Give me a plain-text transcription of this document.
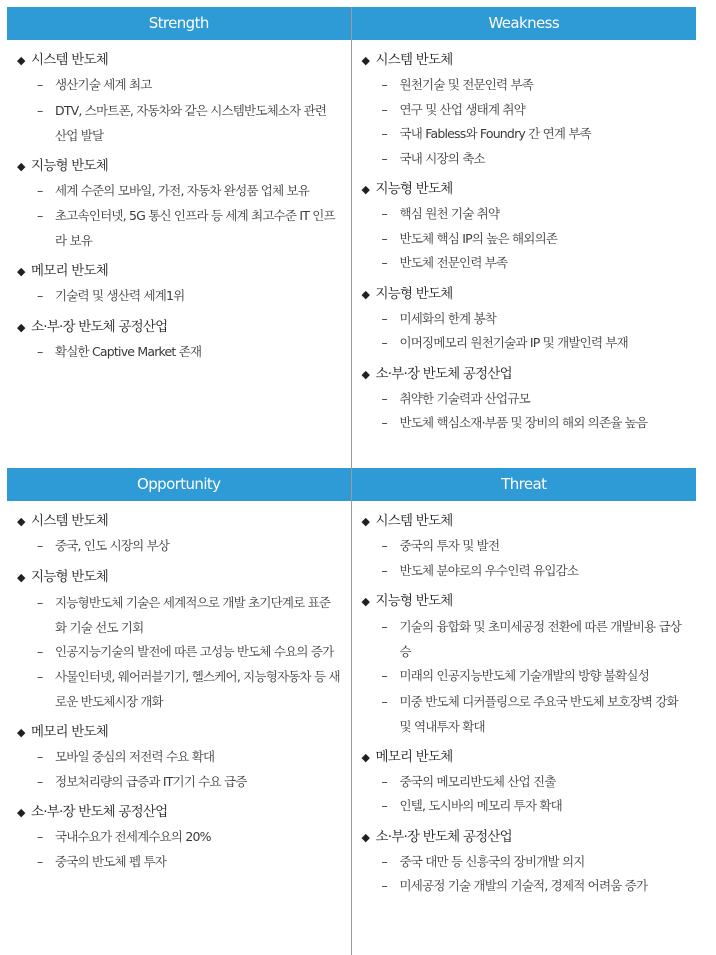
Strength
◆ 시스템 반도체
– 생산기술 세계 최고
– DTV, 스마트폰, 자동차와 같은 시스템반도체소자 관련 산업 발달
◆ 지능형 반도체
– 세계 수준의 모바일, 가전, 자동차 완성품 업체 보유
– 초고속인터넷, 5G 통신 인프라 등 세계 최고수준 IT 인프라 보유
◆ 메모리 반도체
– 기술력 및 생산력 세계1위
◆ 소·부·장 반도체 공정산업
– 확실한 Captive Market 존재
Weakness
◆ 시스템 반도체
– 원천기술 및 전문인력 부족
– 연구 및 산업 생태계 취약
– 국내 Fabless와 Foundry 간 연계 부족
– 국내 시장의 축소
◆ 지능형 반도체
– 핵심 원천 기술 취약
– 반도체 핵심 IP의 높은 해외의존
– 반도체 전문인력 부족
◆ 지능형 반도체
– 미세화의 한계 봉착
– 이머징메모리 원천기술과 IP 및 개발인력 부재
◆ 소·부·장 반도체 공정산업
– 취약한 기술력과 산업규모
– 반도체 핵심소재·부품 및 장비의 해외 의존율 높음
Opportunity
◆ 시스템 반도체
– 중국, 인도 시장의 부상
◆ 지능형 반도체
– 지능형반도체 기술은 세계적으로 개발 초기단계로 표준화 기술 선도 기회
– 인공지능기술의 발전에 따른 고성능 반도체 수요의 증가
– 사물인터넷, 웨어러블기기, 헬스케어, 지능형자동차 등 새로운 반도체시장 개화
◆ 메모리 반도체
– 모바일 중심의 저전력 수요 확대
– 정보처리량의 급증과 IT기기 수요 급증
◆ 소·부·장 반도체 공정산업
– 국내수요가 전세계수요의 20%
– 중국의 반도체 펩 투자
Threat
◆ 시스템 반도체
– 중국의 투자 및 발전
– 반도체 분야로의 우수인력 유입감소
◆ 지능형 반도체
– 기술의 융합화 및 초미세공정 전환에 따른 개발비용 급상승
– 미래의 인공지능반도체 기술개발의 방향 불확실성
– 미중 반도체 디커플링으로 주요국 반도체 보호장벽 강화 및 역내투자 확대
◆ 메모리 반도체
– 중국의 메모리반도체 산업 진출
– 인텔, 도시바의 메모리 투자 확대
◆ 소·부·장 반도체 공정산업
– 중국 대만 등 신흥국의 장비개발 의지
– 미세공정 기술 개발의 기술적, 경제적 어려움 증가
